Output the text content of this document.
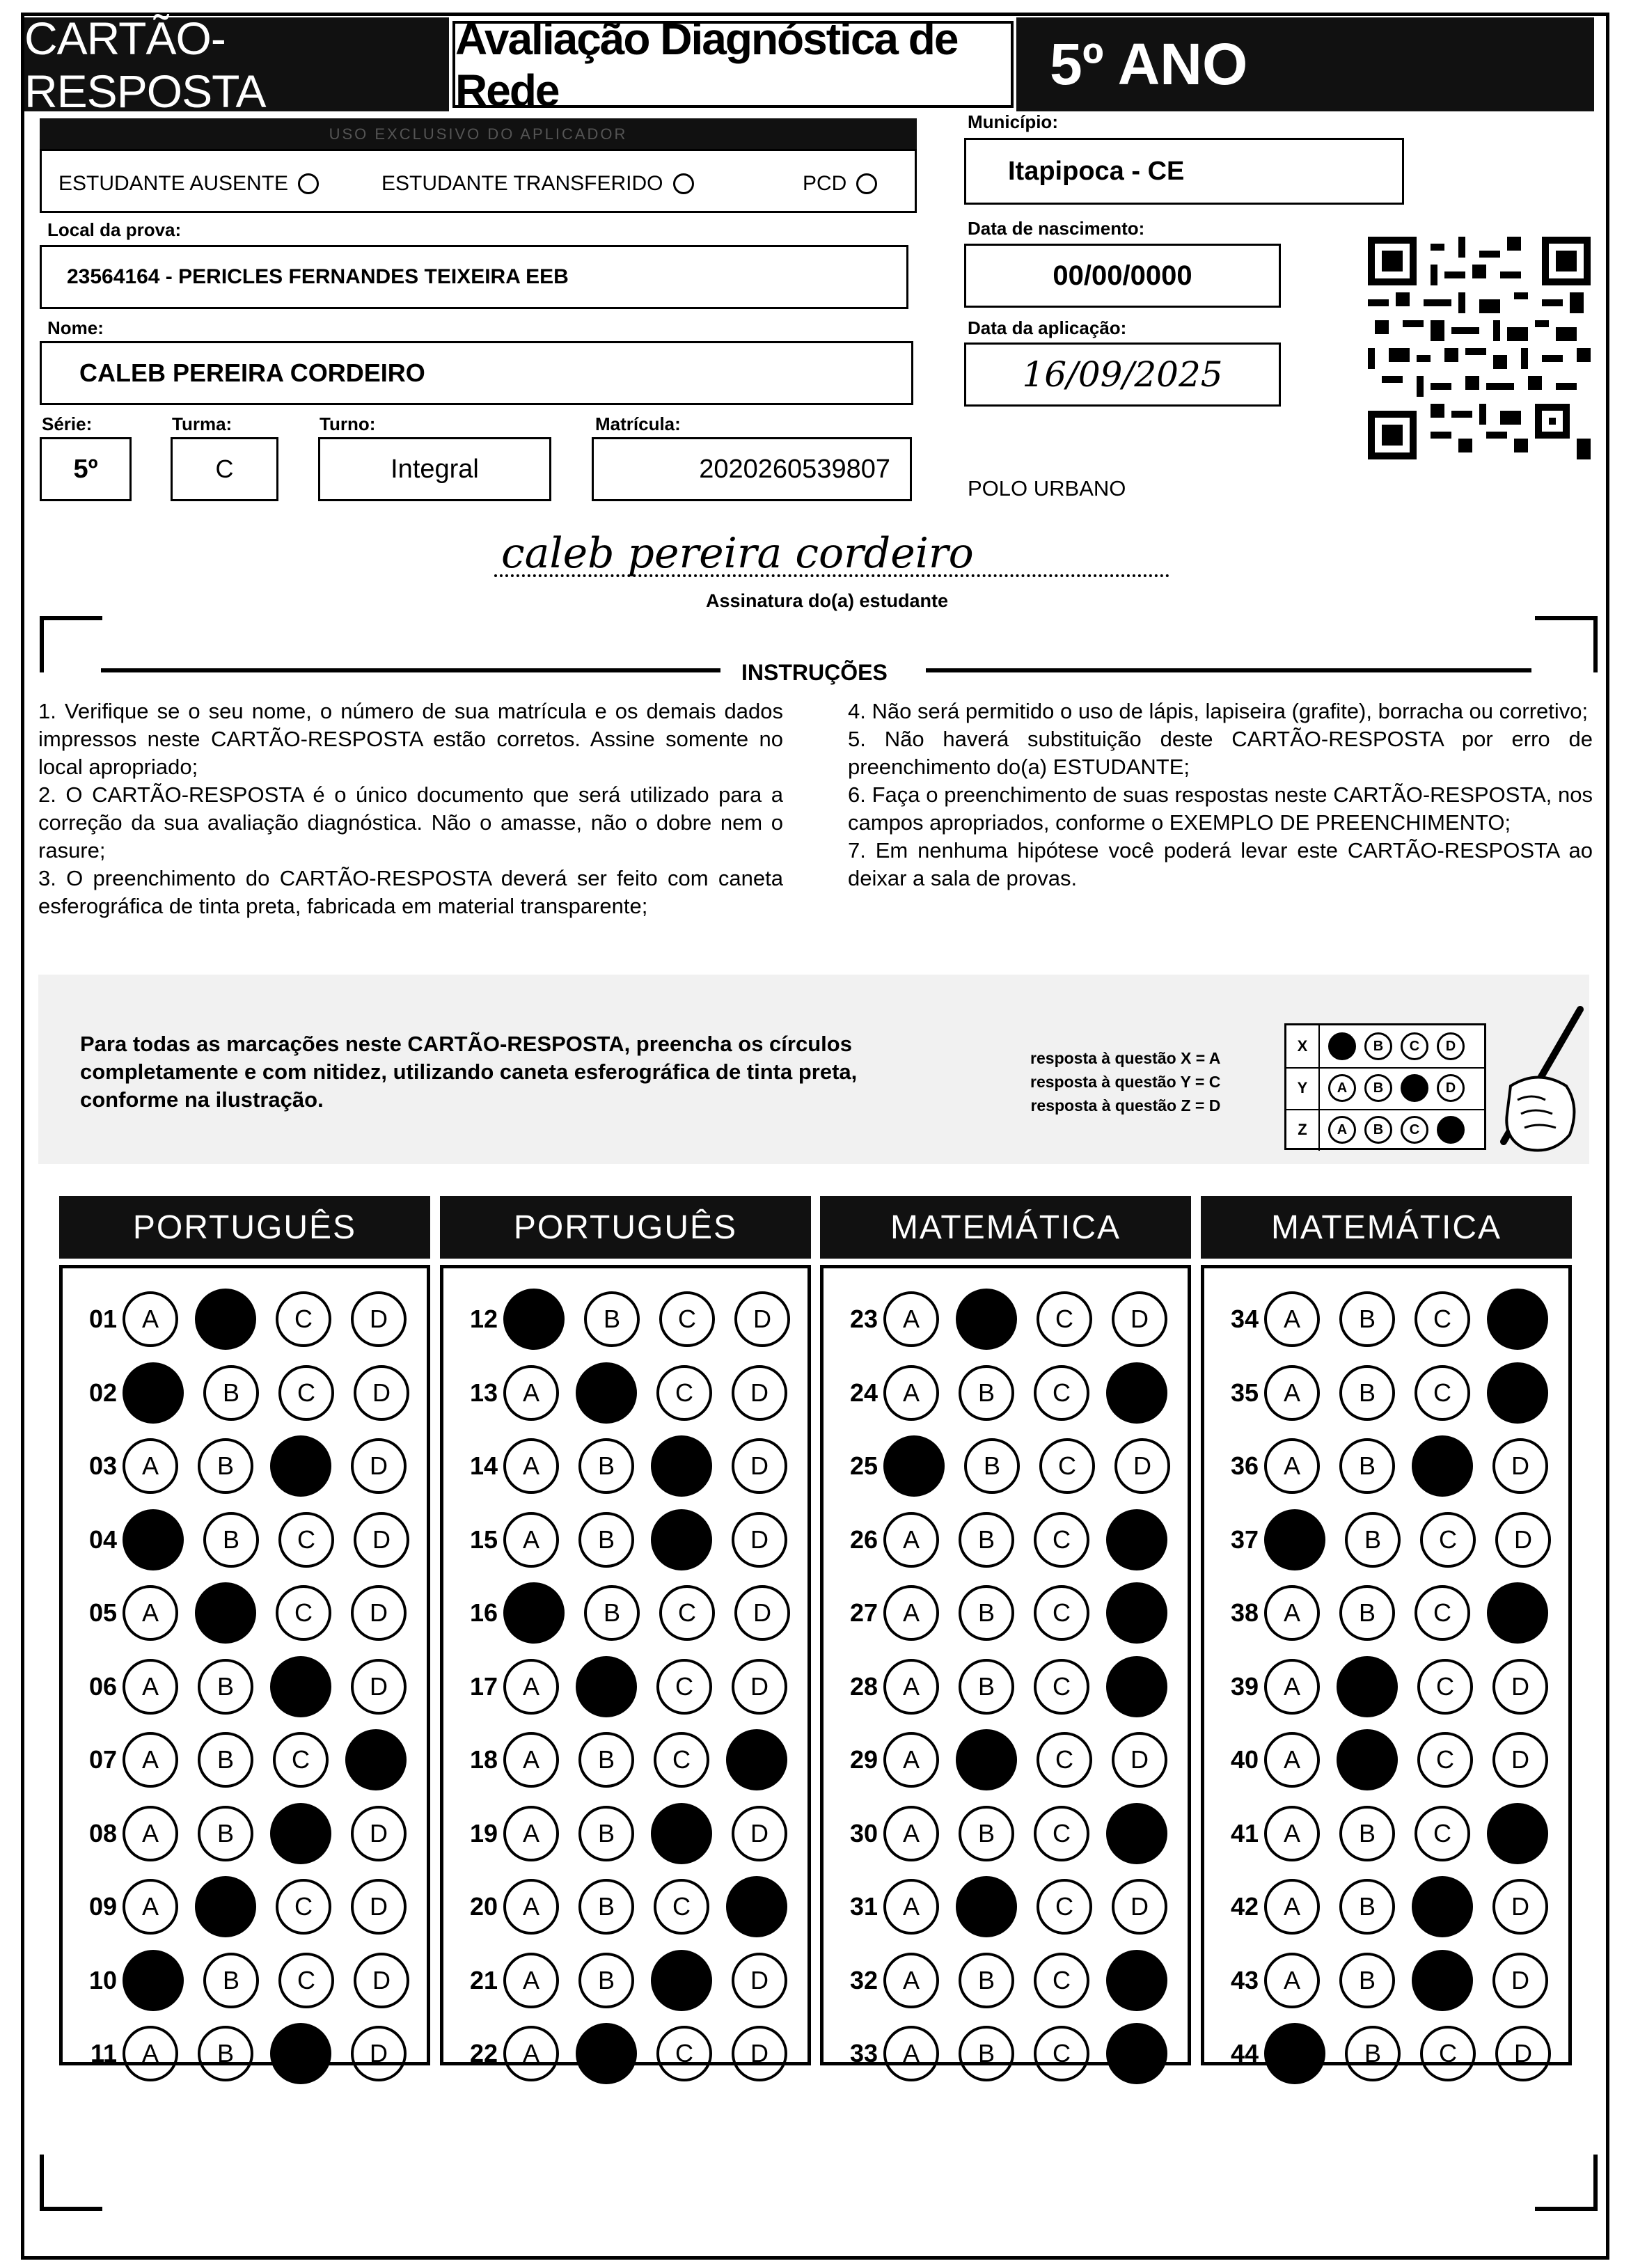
CARTÃO-RESPOSTA
Avaliação Diagnóstica de Rede	5º ANO
USO EXCLUSIVO DO APLICADOR
ESTUDANTE AUSENTE	ESTUDANTE TRANSFERIDO	PCD
Município:
Itapipoca - CE
Local da prova:
23564164 - PERICLES FERNANDES TEIXEIRA EEB
Data de nascimento:
00/00/0000
Nome:
CALEB PEREIRA CORDEIRO
Data da aplicação:
16/09/2025
Série:
5º
Turma:
C
Turno:
Integral
Matrícula:
2020260539807
POLO URBANO
caleb pereira cordeiro
Assinatura do(a) estudante
INSTRUÇÕES
1. Verifique se o seu nome, o número de sua matrícula e os demais dados impressos neste CARTÃO-RESPOSTA estão corretos. Assine somente no local apropriado;
2. O CARTÃO-RESPOSTA é o único documento que será utilizado para a correção da sua avaliação diagnóstica. Não o amasse, não o dobre nem o rasure;
3. O preenchimento do CARTÃO-RESPOSTA deverá ser feito com caneta esferográfica de tinta preta, fabricada em material transparente;
4. Não será permitido o uso de lápis, lapiseira (grafite), borracha ou corretivo;
5. Não haverá substituição deste CARTÃO-RESPOSTA por erro de preenchimento do(a) ESTUDANTE;
6. Faça o preenchimento de suas respostas neste CARTÃO-RESPOSTA, nos campos apropriados, conforme o EXEMPLO DE PREENCHIMENTO;
7. Em nenhuma hipótese você poderá levar este CARTÃO-RESPOSTA ao deixar a sala de provas.
Para todas as marcações neste CARTÃO-RESPOSTA, preencha os círculos completamente e com nitidez, utilizando caneta esferográfica de tinta preta, conforme na ilustração.
resposta à questão X = A
resposta à questão Y = C
resposta à questão Z = D
X	B	C	D
Y	A	B	D
Z	A	B	C
PORTUGUÊS
01 A	C	D
02	B	C	D
03 A	B	D
04	B	C	D
05 A	C	D
06 A	B	D
07 A	B	C
08 A	B	D
09 A	C	D
10	B	C	D
11 A	B	D
PORTUGUÊS
12	B	C	D
13 A	C	D
14 A	B	D
15 A	B	D
16	B	C	D
17 A	C	D
18 A	B	C
19 A	B	D
20 A	B	C
21 A	B	D
22 A	C	D
MATEMÁTICA
23 A	C	D
24 A	B	C
25	B	C	D
26 A	B	C
27 A	B	C
28 A	B	C
29 A	C	D
30 A	B	C
31 A	C	D
32 A	B	C
33 A	B	C
MATEMÁTICA
34 A	B	C
35 A	B	C
36 A	B	D
37	B	C	D
38 A	B	C
39 A	C	D
40 A	C	D
41 A	B	C
42 A	B	D
43 A	B	D
44	B	C	D
